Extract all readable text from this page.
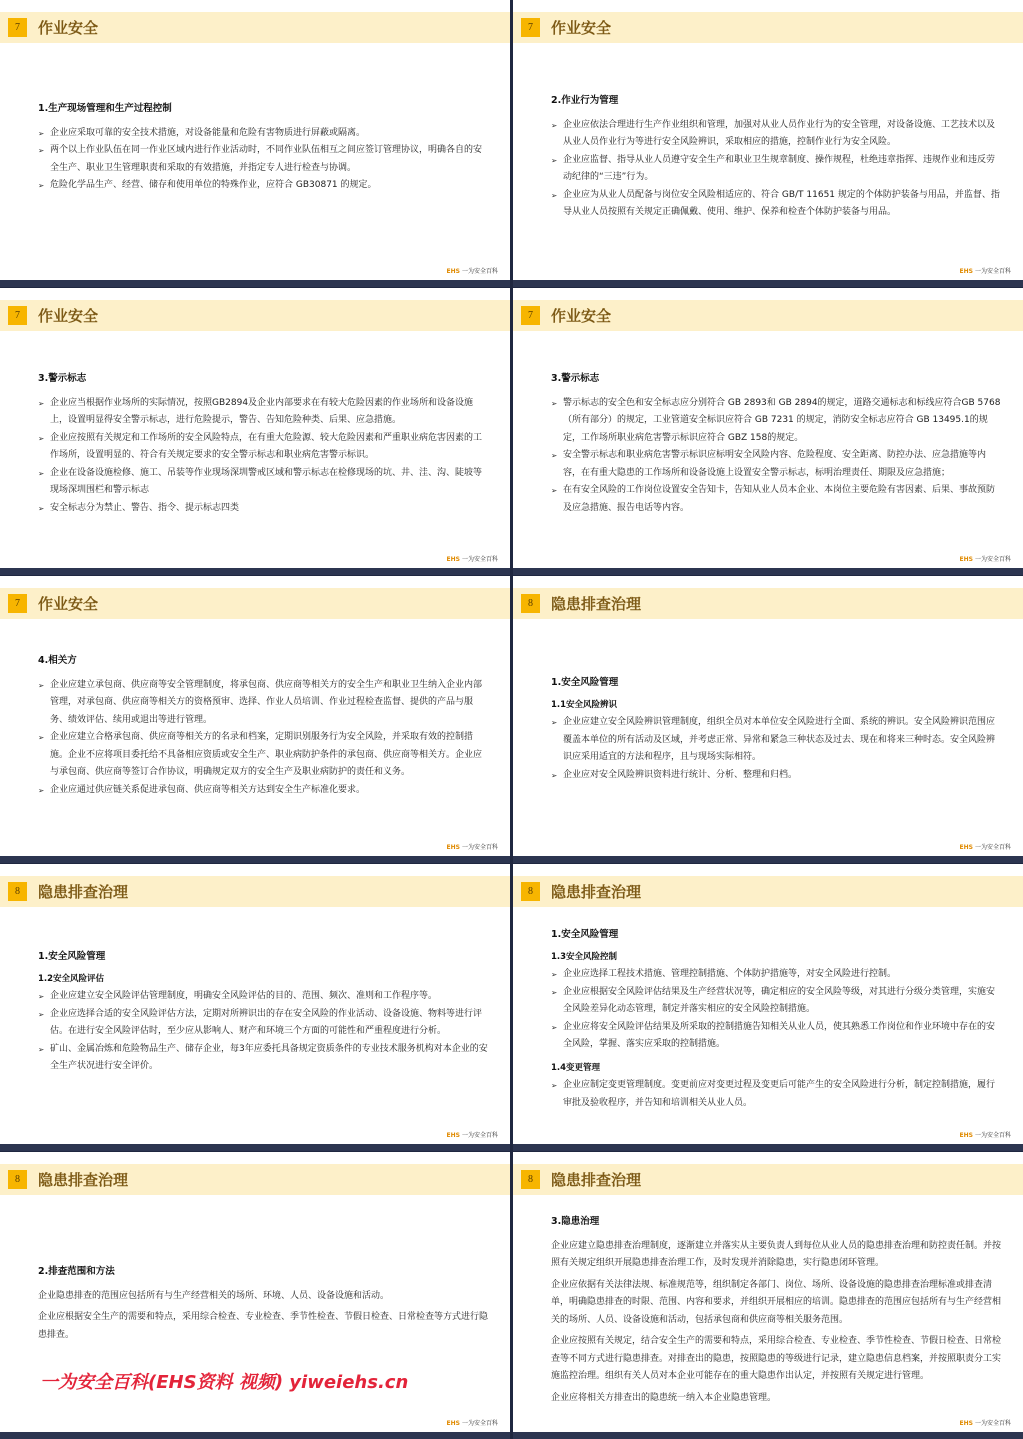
7	作业安全
1.生产现场管理和生产过程控制
➢ 企业应采取可靠的安全技术措施，对设备能量和危险有害物质进行屏蔽或隔离。
➢ 两个以上作业队伍在同一作业区域内进行作业活动时，不同作业队伍相互之间应签订管理协议，明确各自的安全生产、职业卫生管理职责和采取的有效措施，并指定专人进行检查与协调。
➢ 危险化学品生产、经营、储存和使用单位的特殊作业，应符合 GB30871 的规定。
EHS 一为安全百科
7	作业安全
2.作业行为管理
➢ 企业应依法合理进行生产作业组织和管理，加强对从业人员作业行为的安全管理，对设备设施、工艺技术以及从业人员作业行为等进行安全风险辨识，采取相应的措施，控制作业行为安全风险。
➢ 企业应监督、指导从业人员遵守安全生产和职业卫生规章制度、操作规程，杜绝违章指挥、违规作业和违反劳动纪律的“三违”行为。
➢ 企业应为从业人员配备与岗位安全风险相适应的、符合 GB/T 11651 规定的个体防护装备与用品，并监督、指导从业人员按照有关规定正确佩戴、使用、维护、保养和检查个体防护装备与用品。
EHS 一为安全百科
7	作业安全
3.警示标志
➢ 企业应当根据作业场所的实际情况，按照GB2894及企业内部要求在有较大危险因素的作业场所和设备设施上，设置明显得安全警示标志，进行危险提示，警告、告知危险种类、后果、应急措施。
➢ 企业应按照有关规定和工作场所的安全风险特点，在有重大危险源、较大危险因素和严重职业病危害因素的工作场所，设置明显的、符合有关规定要求的安全警示标志和职业病危害警示标识。
➢ 企业在设备设施检修、施工、吊装等作业现场深圳警戒区域和警示标志在检修现场的坑、井、洼、沟、陡坡等现场深圳围栏和警示标志
➢ 安全标志分为禁止、警告、指令、提示标志四类
EHS 一为安全百科
7	作业安全
3.警示标志
➢ 警示标志的安全色和安全标志应分别符合 GB 2893和 GB 2894的规定，道路交通标志和标线应符合GB 5768 （所有部分）的规定，工业管道安全标识应符合 GB 7231 的规定，消防安全标志应符合 GB 13495.1的规定，工作场所职业病危害警示标识应符合 GBZ 158的规定。
➢ 安全警示标志和职业病危害警示标识应标明安全风险内容、危险程度、安全距离、防控办法、应急措施等内容，在有重大隐患的工作场所和设备设施上设置安全警示标志，标明治理责任、期限及应急措施；
➢ 在有安全风险的工作岗位设置安全告知卡，告知从业人员本企业、本岗位主要危险有害因素、后果、事故预防及应急措施、报告电话等内容。
EHS 一为安全百科
7	作业安全
4.相关方
➢ 企业应建立承包商、供应商等安全管理制度，将承包商、供应商等相关方的安全生产和职业卫生纳入企业内部管理，对承包商、供应商等相关方的资格预审、选择、作业人员培训、作业过程检查监督、提供的产品与服务、绩效评估、续用或退出等进行管理。
➢ 企业应建立合格承包商、供应商等相关方的名录和档案，定期识别服务行为安全风险，并采取有效的控制措施。企业不应将项目委托给不具备相应资质或安全生产、职业病防护条件的承包商、供应商等相关方。企业应与承包商、供应商等签订合作协议，明确规定双方的安全生产及职业病防护的责任和义务。
➢ 企业应通过供应链关系促进承包商、供应商等相关方达到安全生产标准化要求。
EHS 一为安全百科
8	隐患排查治理
1.安全风险管理
1.1安全风险辨识
➢ 企业应建立安全风险辨识管理制度，组织全员对本单位安全风险进行全面、系统的辨识。安全风险辨识范围应覆盖本单位的所有活动及区域，并考虑正常、异常和紧急三种状态及过去、现在和将来三种时态。安全风险辨识应采用适宜的方法和程序，且与现场实际相符。
➢ 企业应对安全风险辨识资料进行统计、分析、整理和归档。
EHS 一为安全百科
8	隐患排查治理
1.安全风险管理
1.2安全风险评估
➢ 企业应建立安全风险评估管理制度，明确安全风险评估的目的、范围、频次、准则和工作程序等。
➢ 企业应选择合适的安全风险评估方法，定期对所辨识出的存在安全风险的作业活动、设备设施、物料等进行评估。在进行安全风险评估时，至少应从影响人、财产和环境三个方面的可能性和严重程度进行分析。
➢ 矿山、金属冶炼和危险物品生产、储存企业，每3年应委托具备规定资质条件的专业技术服务机构对本企业的安全生产状况进行安全评价。
EHS 一为安全百科
8	隐患排查治理
1.安全风险管理
1.3安全风险控制
➢ 企业应选择工程技术措施、管理控制措施、个体防护措施等，对安全风险进行控制。
➢ 企业应根据安全风险评估结果及生产经营状况等，确定相应的安全风险等级，对其进行分级分类管理，实施安全风险差异化动态管理，制定并落实相应的安全风险控制措施。
➢ 企业应将安全风险评估结果及所采取的控制措施告知相关从业人员，使其熟悉工作岗位和作业环境中存在的安全风险，掌握、落实应采取的控制措施。
1.4变更管理
➢ 企业应制定变更管理制度。变更前应对变更过程及变更后可能产生的安全风险进行分析，制定控制措施，履行审批及验收程序，并告知和培训相关从业人员。
EHS 一为安全百科
8	隐患排查治理
2.排查范围和方法
企业隐患排查的范围应包括所有与生产经营相关的场所、环境、人员、设备设施和活动。
企业应根据安全生产的需要和特点，采用综合检查、专业检查、季节性检查、节假日检查、日常检查等方式进行隐患排查。
EHS 一为安全百科
8	隐患排查治理
3.隐患治理
企业应建立隐患排查治理制度，逐渐建立并落实从主要负责人到每位从业人员的隐患排查治理和防控责任制。并按照有关规定组织开展隐患排查治理工作，及时发现并消除隐患，实行隐患闭环管理。
企业应依据有关法律法规、标准规范等，组织制定各部门、岗位、场所、设备设施的隐患排查治理标准或排查清单，明确隐患排查的时限、范围、内容和要求，并组织开展相应的培训。隐患排查的范围应包括所有与生产经营相关的场所、人员、设备设施和活动，包括承包商和供应商等相关服务范围。
企业应按照有关规定，结合安全生产的需要和特点，采用综合检查、专业检查、季节性检查、节假日检查、日常检查等不同方式进行隐患排查。对排查出的隐患，按照隐患的等级进行记录，建立隐患信息档案，并按照职责分工实施监控治理。组织有关人员对本企业可能存在的重大隐患作出认定，并按照有关规定进行管理。
企业应将相关方排查出的隐患统一纳入本企业隐患管理。
EHS 一为安全百科
一为安全百科(EHS资料 视频) yiweiehs.cn
